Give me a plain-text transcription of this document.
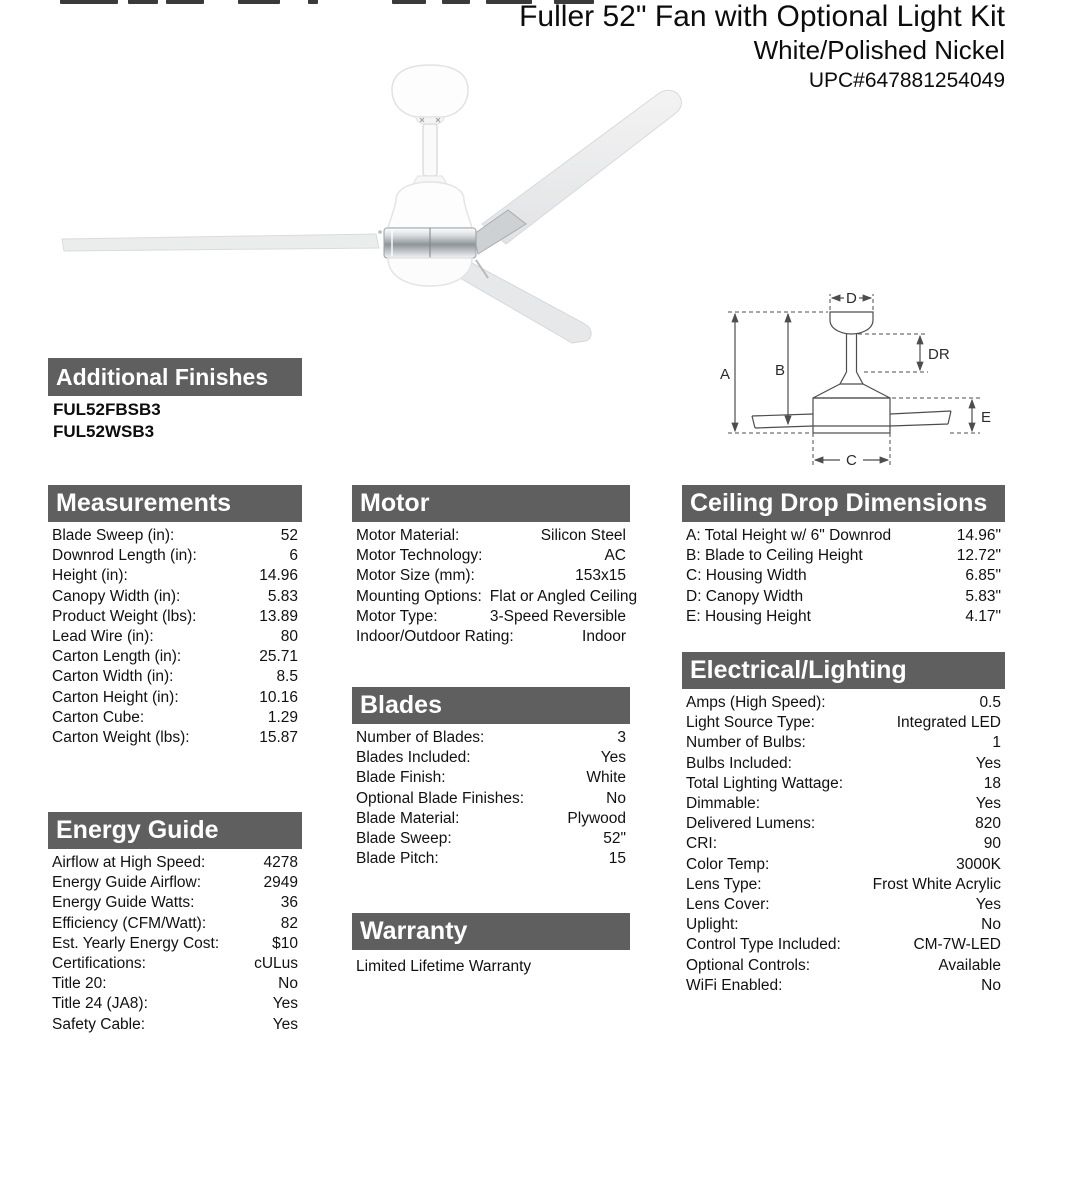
Fuller 52" Fan with Optional Light Kit
White/Polished Nickel
UPC#647881254049
A	B
C
D
DR
E
Additional Finishes
FUL52FBSB3
FUL52WSB3
Measurements
Blade Sweep (in):	52
Downrod Length (in):	6
Height (in):	14.96
Canopy Width (in):	5.83
Product Weight (lbs):	13.89
Lead Wire (in):	80
Carton Length (in):	25.71
Carton Width (in):	8.5
Carton Height (in):	10.16
Carton Cube:	1.29
Carton Weight (lbs):	15.87
Energy Guide
Airflow at High Speed:	4278
Energy Guide Airflow:	2949
Energy Guide Watts:	36
Efficiency (CFM/Watt):	82
Est. Yearly Energy Cost:	$10
Certifications:	cULus
Title 20:	No
Title 24 (JA8):	Yes
Safety Cable:	Yes
Motor
Motor Material:	Silicon Steel
Motor Technology:	AC
Motor Size (mm):	153x15
Mounting Options: Flat or Angled Ceiling
Motor Type:	3-Speed Reversible
Indoor/Outdoor Rating:	Indoor
Blades
Number of Blades:	3
Blades Included:	Yes
Blade Finish:	White
Optional Blade Finishes:	No
Blade Material:	Plywood
Blade Sweep:	52"
Blade Pitch:	15
Warranty
Limited Lifetime Warranty
Ceiling Drop Dimensions
A: Total Height w/ 6" Downrod	14.96"
B: Blade to Ceiling Height	12.72"
C: Housing Width	6.85"
D: Canopy Width	5.83"
E: Housing Height	4.17"
Electrical/Lighting
Amps (High Speed):	0.5
Light Source Type:	Integrated LED
Number of Bulbs:	1
Bulbs Included:	Yes
Total Lighting Wattage:	18
Dimmable:	Yes
Delivered Lumens:	820
CRI:	90
Color Temp:	3000K
Lens Type:	Frost White Acrylic
Lens Cover:	Yes
Uplight:	No
Control Type Included:	CM-7W-LED
Optional Controls:	Available
WiFi Enabled:	No
